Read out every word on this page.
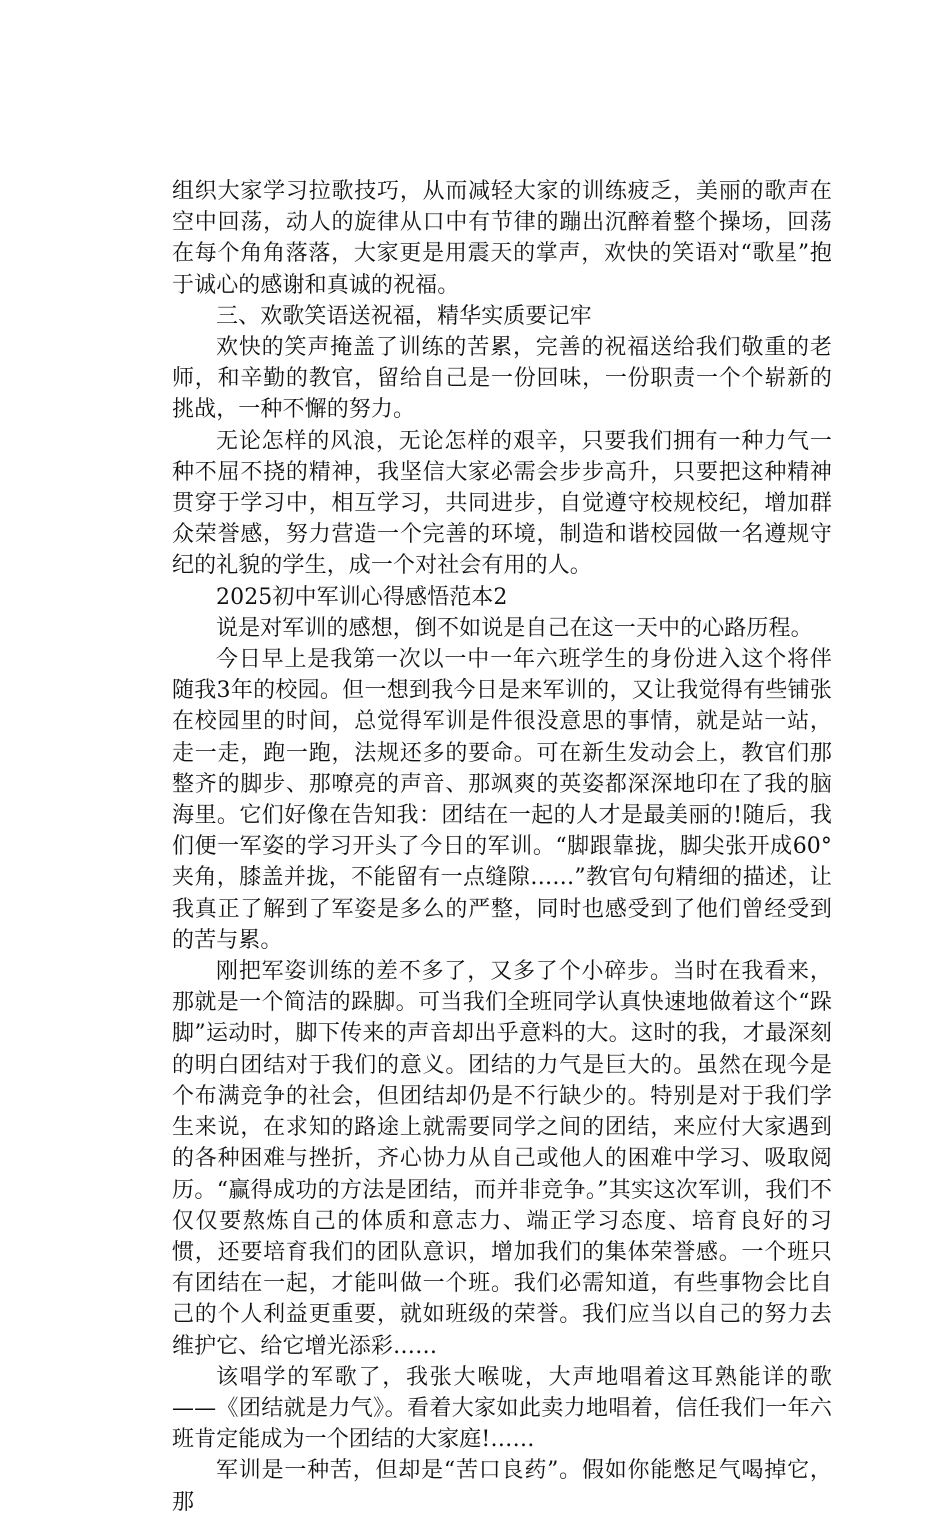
组织大家学习拉歌技巧，从而减轻大家的训练疲乏，美丽的歌声在空中回荡，动人的旋律从口中有节律的蹦出沉醉着整个操场，回荡在每个角角落落，大家更是用震天的掌声，欢快的笑语对“歌星”抱于诚心的感谢和真诚的祝福。

三、欢歌笑语送祝福，精华实质要记牢

欢快的笑声掩盖了训练的苦累，完善的祝福送给我们敬重的老师，和辛勤的教官，留给自己是一份回味，一份职责一个个崭新的挑战，一种不懈的努力。

无论怎样的风浪，无论怎样的艰辛，只要我们拥有一种力气一种不屈不挠的精神，我坚信大家必需会步步高升，只要把这种精神贯穿于学习中，相互学习，共同进步，自觉遵守校规校纪，增加群众荣誉感，努力营造一个完善的环境，制造和谐校园做一名遵规守纪的礼貌的学生，成一个对社会有用的人。

2025初中军训心得感悟范本2

说是对军训的感想，倒不如说是自己在这一天中的心路历程。

今日早上是我第一次以一中一年六班学生的身份进入这个将伴随我3年的校园。但一想到我今日是来军训的，又让我觉得有些铺张在校园里的时间，总觉得军训是件很没意思的事情，就是站一站，走一走，跑一跑，法规还多的要命。可在新生发动会上，教官们那整齐的脚步、那嘹亮的声音、那飒爽的英姿都深深地印在了我的脑海里。它们好像在告知我：团结在一起的人才是最美丽的!随后，我们便一军姿的学习开头了今日的军训。“脚跟靠拢，脚尖张开成60°夹角，膝盖并拢，不能留有一点缝隙……”教官句句精细的描述，让我真正了解到了军姿是多么的严整，同时也感受到了他们曾经受到的苦与累。

刚把军姿训练的差不多了，又多了个小碎步。当时在我看来，那就是一个简洁的跺脚。可当我们全班同学认真快速地做着这个“跺脚”运动时，脚下传来的声音却出乎意料的大。这时的我，才最深刻的明白团结对于我们的意义。团结的力气是巨大的。虽然在现今是个布满竞争的社会，但团结却仍是不行缺少的。特别是对于我们学生来说，在求知的路途上就需要同学之间的团结，来应付大家遇到的各种困难与挫折，齐心协力从自己或他人的困难中学习、吸取阅历。“赢得成功的方法是团结，而并非竞争。”其实这次军训，我们不仅仅要熬炼自己的体质和意志力、端正学习态度、培育良好的习惯，还要培育我们的团队意识，增加我们的集体荣誉感。一个班只有团结在一起，才能叫做一个班。我们必需知道，有些事物会比自己的个人利益更重要，就如班级的荣誉。我们应当以自己的努力去维护它、给它增光添彩……

该唱学的军歌了，我张大喉咙，大声地唱着这耳熟能详的歌——《团结就是力气》。看着大家如此卖力地唱着，信任我们一年六班肯定能成为一个团结的大家庭!……

军训是一种苦，但却是“苦口良药”。假如你能憋足气喝掉它，那
